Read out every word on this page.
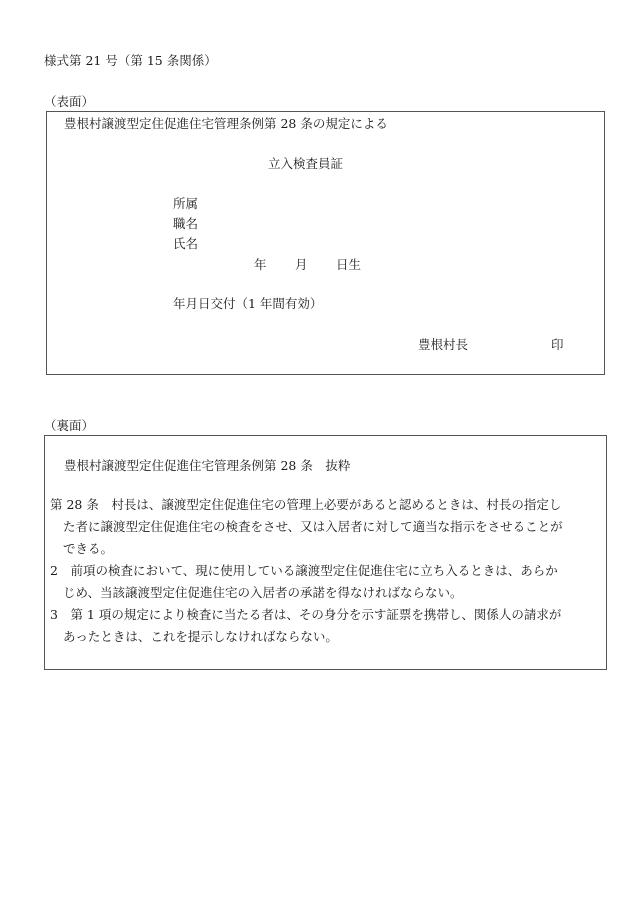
様式第 21 号（第 15 条関係）
（表面）
豊根村譲渡型定住促進住宅管理条例第 28 条の規定による
立入検査員証
所属
職名
氏名
年 月 日生
年月日交付（1 年間有効）
豊根村長	印
（裏面）
豊根村譲渡型定住促進住宅管理条例第 28 条　抜粋
第 28 条　村長は、譲渡型定住促進住宅の管理上必要があると認めるときは、村長の指定し
た者に譲渡型定住促進住宅の検査をさせ、又は入居者に対して適当な指示をさせることが
できる。
2　前項の検査において、現に使用している譲渡型定住促進住宅に立ち入るときは、あらか
じめ、当該譲渡型定住促進住宅の入居者の承諾を得なければならない。
3　第 1 項の規定により検査に当たる者は、その身分を示す証票を携帯し、関係人の請求が
あったときは、これを提示しなければならない。
